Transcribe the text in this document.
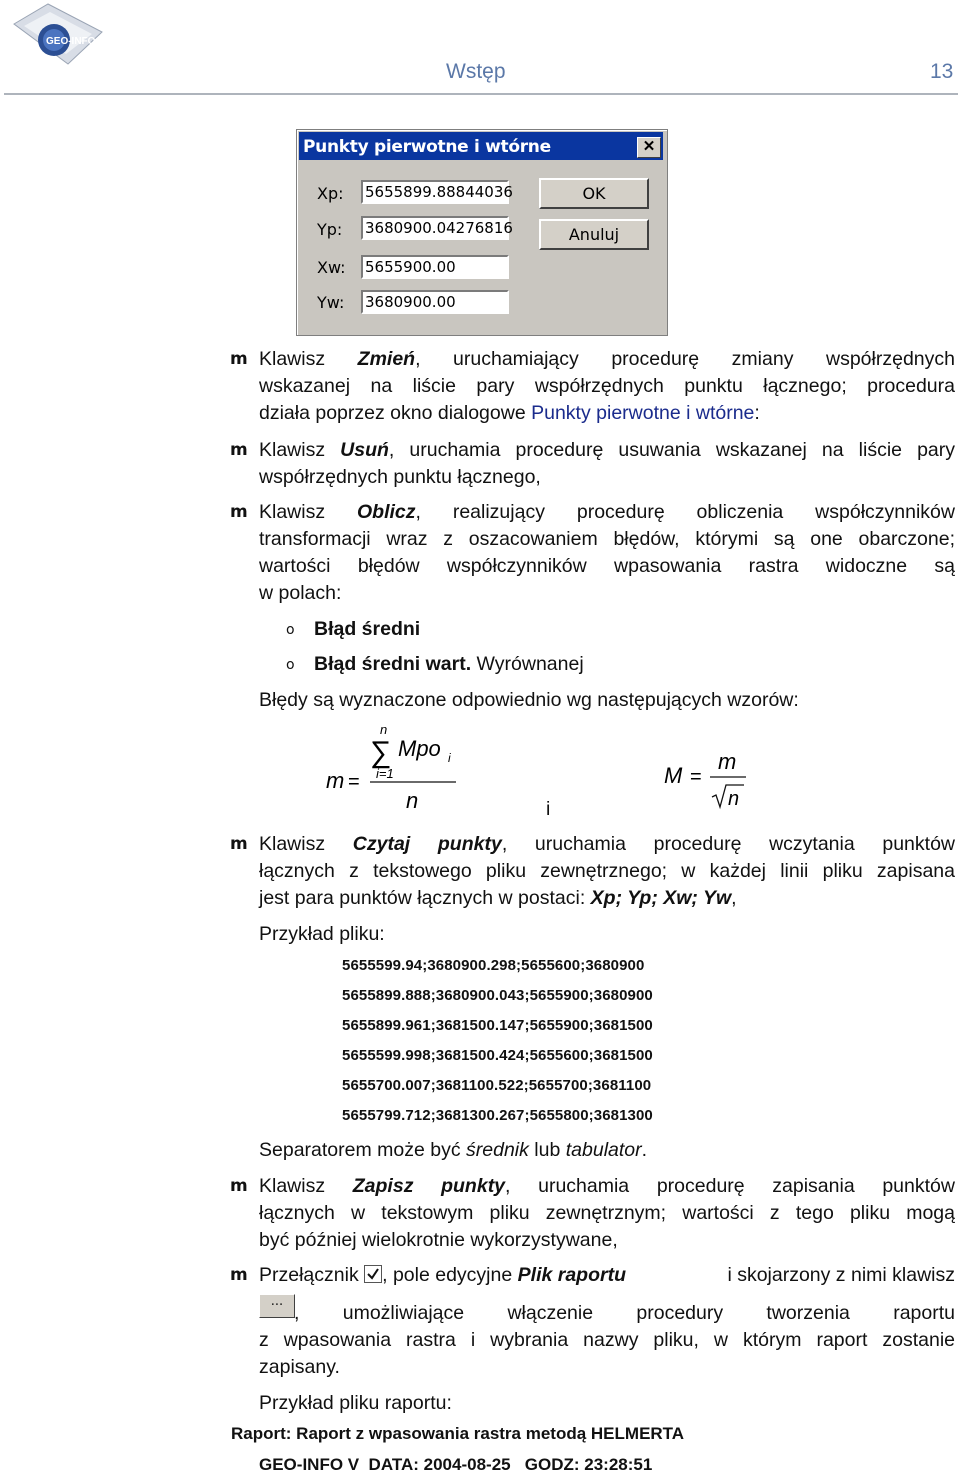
GEO-INFO
Wstęp	13
Punkty pierwotne i wtórne	✕
Xp: 5655899.88844036
Yp: 3680900.04276816
Xw: 5655900.00
Yw: 3680900.00
OK
Anuluj
m Klawisz Zmień, uruchamiający procedurę zmiany współrzędnych
wskazanej na liście pary współrzędnych punktu łącznego; procedura
działa poprzez okno dialogowe Punkty pierwotne i wtórne:
m Klawisz Usuń, uruchamia procedurę usuwania wskazanej na liście pary
współrzędnych punktu łącznego,
m Klawisz Oblicz, realizujący procedurę obliczenia współczynników
transformacji wraz z oszacowaniem błędów, którymi są one obarczone;
wartości błędów współczynników wpasowania rastra widoczne są
w polach:
o Błąd średni
o Błąd średni wart. Wyrównanej
Błędy są wyznaczone odpowiednio wg następujących wzorów:
n
∑ Mpo i
i=1
m =
n	i
M =
m
n
m Klawisz Czytaj punkty, uruchamia procedurę wczytania punktów
łącznych z tekstowego pliku zewnętrznego; w każdej linii pliku zapisana
jest para punktów łącznych w postaci: Xp; Yp; Xw; Yw,
Przykład pliku:
5655599.94;3680900.298;5655600;3680900
5655899.888;3680900.043;5655900;3680900
5655899.961;3681500.147;5655900;3681500
5655599.998;3681500.424;5655600;3681500
5655700.007;3681100.522;5655700;3681100
5655799.712;3681300.267;5655800;3681300
Separatorem może być średnik lub tabulator.
m Klawisz Zapisz punkty, uruchamia procedurę zapisania punktów
łącznych w tekstowym pliku zewnętrznym; wartości z tego pliku mogą
być później wielokrotnie wykorzystywane,
m Przełącznik
, pole edycyjne Plik raportu	i skojarzony z nimi klawisz
...
, umożliwiające włączenie procedury tworzenia raportu
z wpasowania rastra i wybrania nazwy pliku, w którym raport zostanie
zapisany.
Przykład pliku raportu:
Raport: Raport z wpasowania rastra metodą HELMERTA
GEO-INFO V  DATA: 2004-08-25   GODZ: 23:28:51
